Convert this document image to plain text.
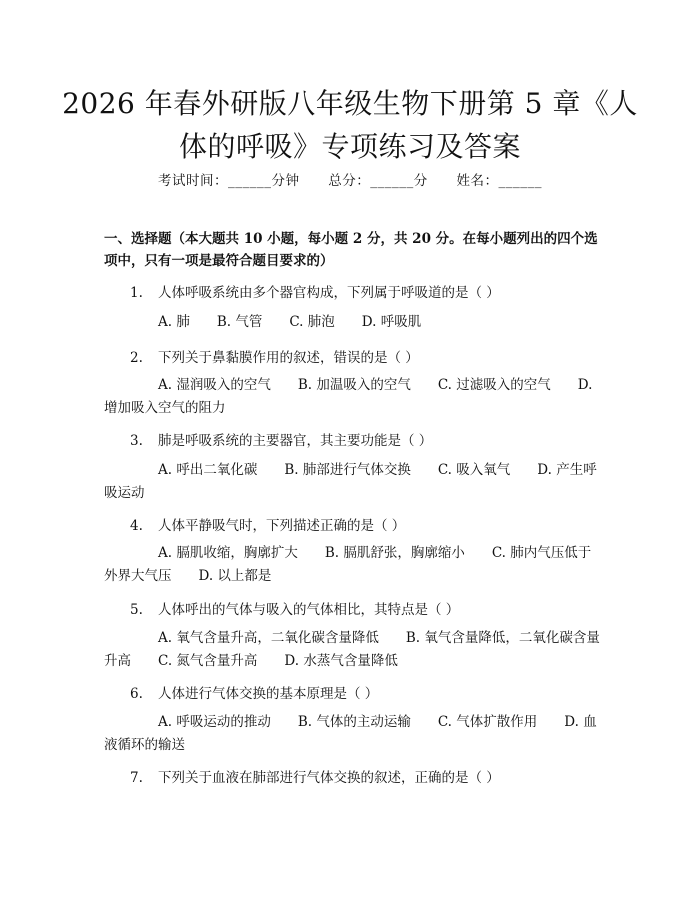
2026 年春外研版八年级生物下册第 5 章《人体的呼吸》专项练习及答案
考试时间：______分钟      总分：______分      姓名：______
一、选择题（本大题共 10 小题，每小题 2 分，共 20 分。在每小题列出的四个选项中，只有一项是最符合题目要求的）
1. 人体呼吸系统由多个器官构成，下列属于呼吸道的是（ ）
A. 肺　　B. 气管　　C. 肺泡　　D. 呼吸肌
2. 下列关于鼻黏膜作用的叙述，错误的是（ ）
A. 湿润吸入的空气　　B. 加温吸入的空气　　C. 过滤吸入的空气　　D. 增加吸入空气的阻力
3. 肺是呼吸系统的主要器官，其主要功能是（ ）
A. 呼出二氧化碳　　B. 肺部进行气体交换　　C. 吸入氧气　　D. 产生呼吸运动
4. 人体平静吸气时，下列描述正确的是（ ）
A. 膈肌收缩，胸廓扩大　　B. 膈肌舒张，胸廓缩小　　C. 肺内气压低于外界大气压　　D. 以上都是
5. 人体呼出的气体与吸入的气体相比，其特点是（ ）
A. 氧气含量升高，二氧化碳含量降低　　B. 氧气含量降低，二氧化碳含量升高　　C. 氮气含量升高　　D. 水蒸气含量降低
6. 人体进行气体交换的基本原理是（ ）
A. 呼吸运动的推动　　B. 气体的主动运输　　C. 气体扩散作用　　D. 血液循环的输送
7. 下列关于血液在肺部进行气体交换的叙述，正确的是（ ）
